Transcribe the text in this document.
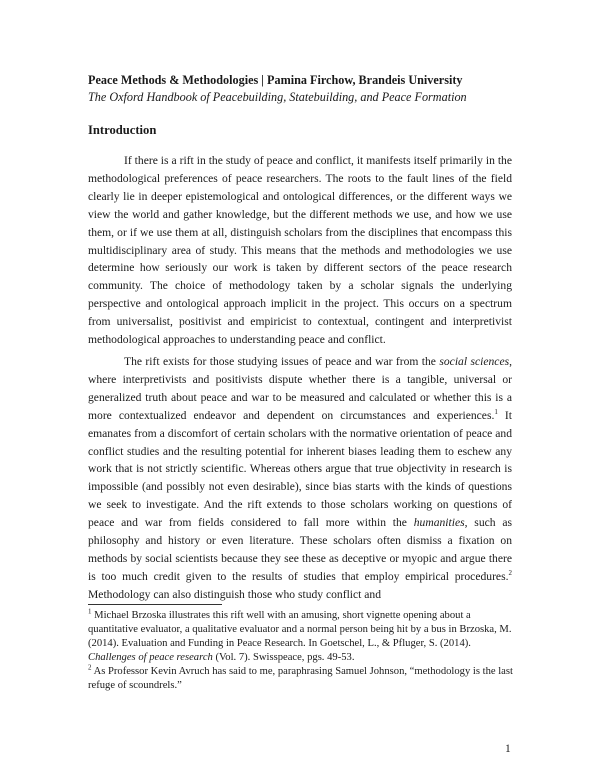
Peace Methods & Methodologies | Pamina Firchow, Brandeis University
The Oxford Handbook of Peacebuilding, Statebuilding, and Peace Formation
Introduction

If there is a rift in the study of peace and conflict, it manifests itself primarily in the methodological preferences of peace researchers. The roots to the fault lines of the field clearly lie in deeper epistemological and ontological differences, or the different ways we view the world and gather knowledge, but the different methods we use, and how we use them, or if we use them at all, distinguish scholars from the disciplines that encompass this multidisciplinary area of study. This means that the methods and methodologies we use determine how seriously our work is taken by different sectors of the peace research community. The choice of methodology taken by a scholar signals the underlying perspective and ontological approach implicit in the project. This occurs on a spectrum from universalist, positivist and empiricist to contextual, contingent and interpretivist methodological approaches to understanding peace and conflict.

The rift exists for those studying issues of peace and war from the social sciences, where interpretivists and positivists dispute whether there is a tangible, universal or generalized truth about peace and war to be measured and calculated or whether this is a more contextualized endeavor and dependent on circumstances and experiences.$^1$ It emanates from a discomfort of certain scholars with the normative orientation of peace and conflict studies and the resulting potential for inherent biases leading them to eschew any work that is not strictly scientific. Whereas others argue that true objectivity in research is impossible (and possibly not even desirable), since bias starts with the kinds of questions we seek to investigate. And the rift extends to those scholars working on questions of peace and war from fields considered to fall more within the humanities, such as philosophy and history or even literature. These scholars often dismiss a fixation on methods by social scientists because they see these as deceptive or myopic and argue there is too much credit given to the results of studies that employ empirical procedures.$^2$ Methodology can also distinguish those who study conflict and

$^1$ Michael Brzoska illustrates this rift well with an amusing, short vignette opening about a quantitative evaluator, a qualitative evaluator and a normal person being hit by a bus in Brzoska, M. (2014). Evaluation and Funding in Peace Research. In Goetschel, L., & Pfluger, S. (2014). Challenges of peace research (Vol. 7). Swisspeace, pgs. 49-53.

$^2$ As Professor Kevin Avruch has said to me, paraphrasing Samuel Johnson, “methodology is the last refuge of scoundrels.”

1
